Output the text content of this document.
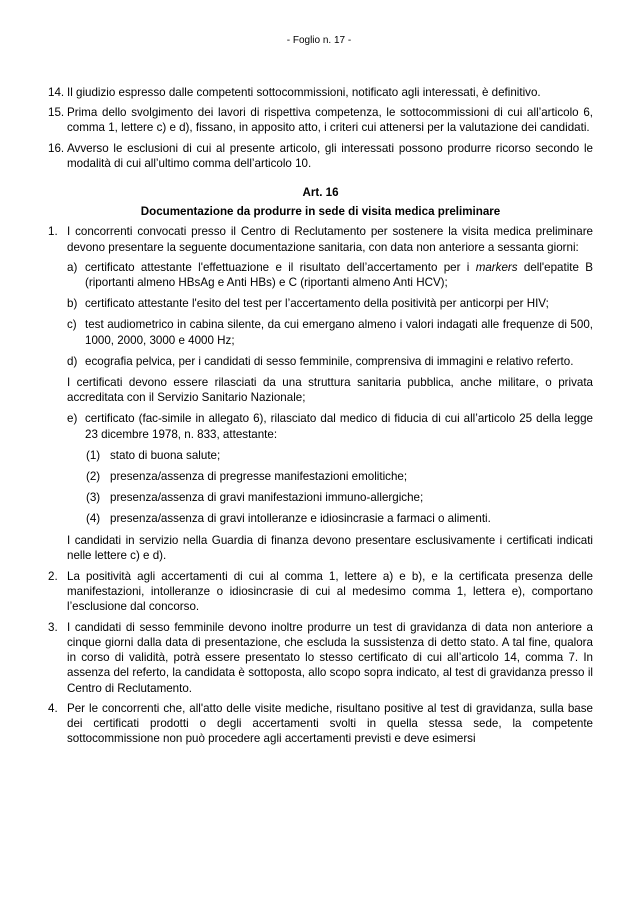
- Foglio n. 17 -
14. Il giudizio espresso dalle competenti sottocommissioni, notificato agli interessati, è definitivo.
15. Prima dello svolgimento dei lavori di rispettiva competenza, le sottocommissioni di cui all’articolo 6, comma 1, lettere c) e d), fissano, in apposito atto, i criteri cui attenersi per la valutazione dei candidati.
16. Avverso le esclusioni di cui al presente articolo, gli interessati possono produrre ricorso secondo le modalità di cui all’ultimo comma dell’articolo 10.
Art. 16
Documentazione da produrre in sede di visita medica preliminare
1. I concorrenti convocati presso il Centro di Reclutamento per sostenere la visita medica preliminare devono presentare la seguente documentazione sanitaria, con data non anteriore a sessanta giorni:
a) certificato attestante l'effettuazione e il risultato dell’accertamento per i markers dell'epatite B (riportanti almeno HBsAg e Anti HBs) e C (riportanti almeno Anti HCV);
b) certificato attestante l'esito del test per l’accertamento della positività per anticorpi per HIV;
c) test audiometrico in cabina silente, da cui emergano almeno i valori indagati alle frequenze di 500, 1000, 2000, 3000 e 4000 Hz;
d) ecografia pelvica, per i candidati di sesso femminile, comprensiva di immagini e relativo referto.
I certificati devono essere rilasciati da una struttura sanitaria pubblica, anche militare, o privata accreditata con il Servizio Sanitario Nazionale;
e) certificato (fac-simile in allegato 6), rilasciato dal medico di fiducia di cui all’articolo 25 della legge 23 dicembre 1978, n. 833, attestante:
(1) stato di buona salute;
(2) presenza/assenza di pregresse manifestazioni emolitiche;
(3) presenza/assenza di gravi manifestazioni immuno-allergiche;
(4) presenza/assenza di gravi intolleranze e idiosincrasie a farmaci o alimenti.
I candidati in servizio nella Guardia di finanza devono presentare esclusivamente i certificati indicati nelle lettere c) e d).
2. La positività agli accertamenti di cui al comma 1, lettere a) e b), e la certificata presenza delle manifestazioni, intolleranze o idiosincrasie di cui al medesimo comma 1, lettera e), comportano l’esclusione dal concorso.
3. I candidati di sesso femminile devono inoltre produrre un test di gravidanza di data non anteriore a cinque giorni dalla data di presentazione, che escluda la sussistenza di detto stato. A tal fine, qualora in corso di validità, potrà essere presentato lo stesso certificato di cui all’articolo 14, comma 7. In assenza del referto, la candidata è sottoposta, allo scopo sopra indicato, al test di gravidanza presso il Centro di Reclutamento.
4. Per le concorrenti che, all'atto delle visite mediche, risultano positive al test di gravidanza, sulla base dei certificati prodotti o degli accertamenti svolti in quella stessa sede, la competente sottocommissione non può procedere agli accertamenti previsti e deve esimersi
